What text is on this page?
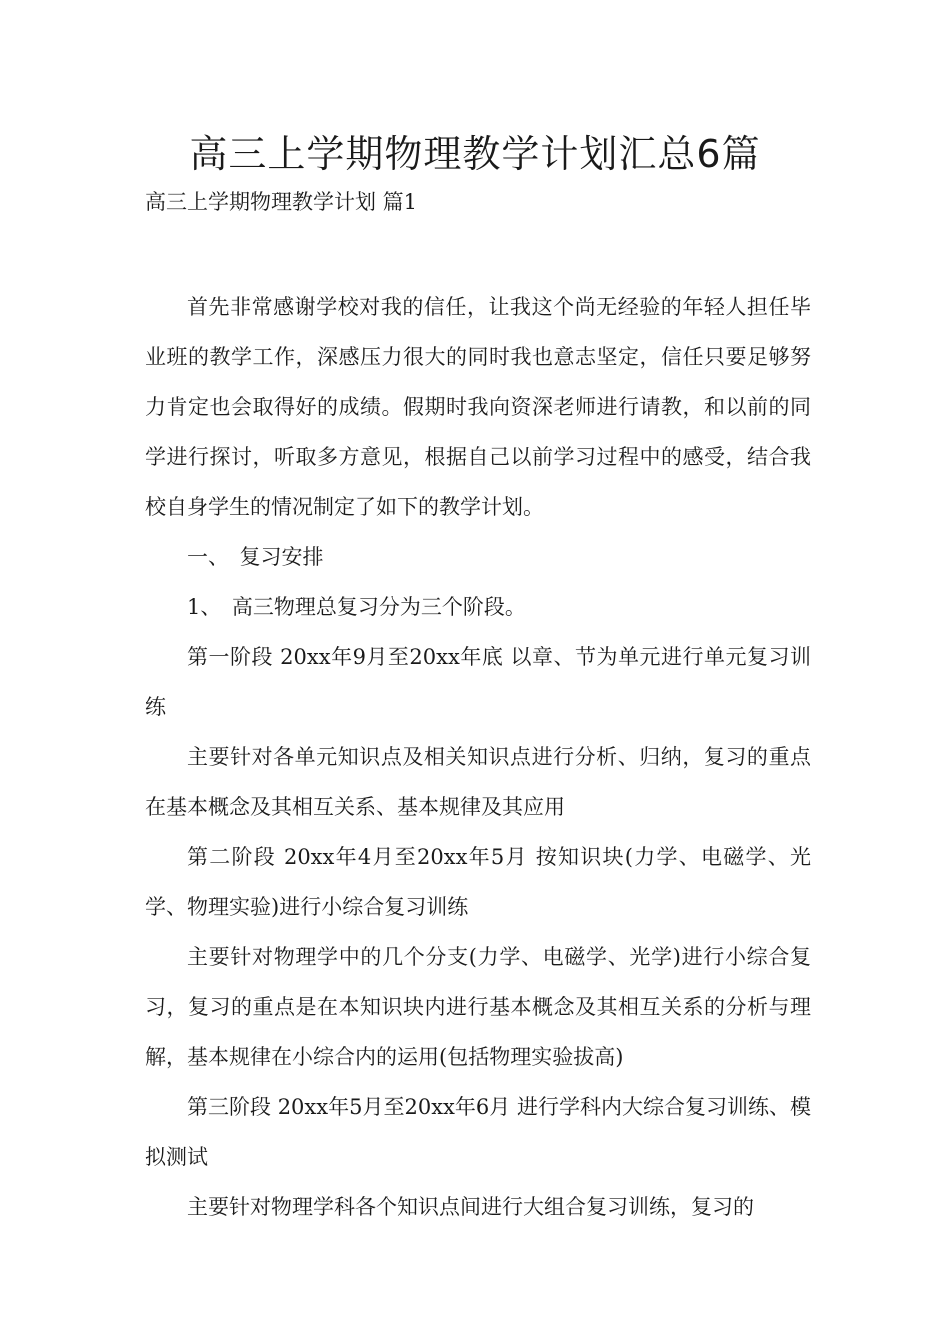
高三上学期物理教学计划汇总6篇
高三上学期物理教学计划 篇1

首先非常感谢学校对我的信任，让我这个尚无经验的年轻人担任毕业班的教学工作，深感压力很大的同时我也意志坚定，信任只要足够努力肯定也会取得好的成绩。假期时我向资深老师进行请教，和以前的同学进行探讨，听取多方意见，根据自己以前学习过程中的感受，结合我校自身学生的情况制定了如下的教学计划。

一、　复习安排

1、　高三物理总复习分为三个阶段。

第一阶段 20xx年9月至20xx年底 以章、节为单元进行单元复习训练

主要针对各单元知识点及相关知识点进行分析、归纳，复习的重点在基本概念及其相互关系、基本规律及其应用

第二阶段 20xx年4月至20xx年5月 按知识块(力学、电磁学、光学、物理实验)进行小综合复习训练

主要针对物理学中的几个分支(力学、电磁学、光学)进行小综合复习，复习的重点是在本知识块内进行基本概念及其相互关系的分析与理解，基本规律在小综合内的运用(包括物理实验拔高)

第三阶段 20xx年5月至20xx年6月 进行学科内大综合复习训练、模拟测试

主要针对物理学科各个知识点间进行大组合复习训练，复习的
